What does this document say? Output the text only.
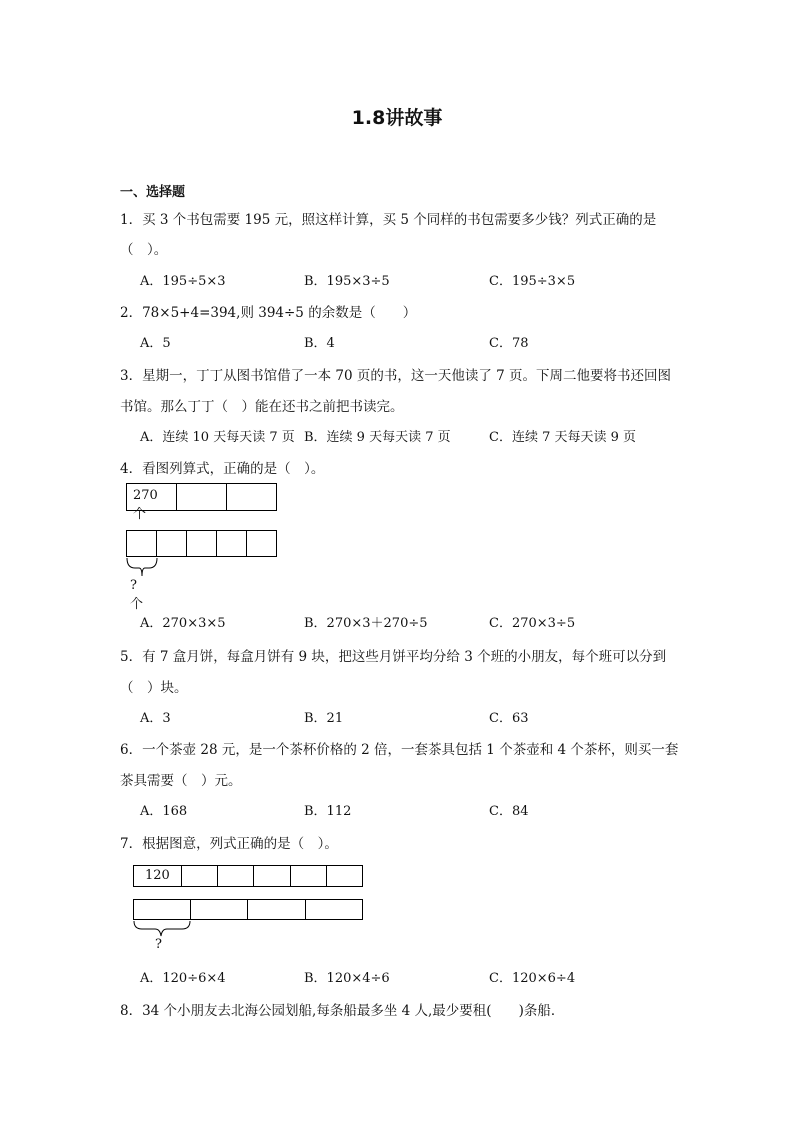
1.8讲故事
一、选择题
1．买 3 个书包需要 195 元，照这样计算，买 5 个同样的书包需要多少钱？列式正确的是
（　）。
A．195÷5×3	B．195×3÷5	C．195÷3×5
2．78×5+4=394,则 394÷5 的余数是（　　）
A．5	B．4	C．78
3．星期一，丁丁从图书馆借了一本 70 页的书，这一天他读了 7 页。下周二他要将书还回图
书馆。那么丁丁（　）能在还书之前把书读完。
A．连续 10 天每天读 7 页 B．连续 9 天每天读 7 页	C．连续 7 天每天读 9 页
4．看图列算式，正确的是（　）。
270个
?个
A．270×3×5	B．270×3＋270÷5	C．270×3÷5
5．有 7 盒月饼，每盒月饼有 9 块，把这些月饼平均分给 3 个班的小朋友，每个班可以分到
（　）块。
A．3	B．21	C．63
6．一个茶壶 28 元，是一个茶杯价格的 2 倍，一套茶具包括 1 个茶壶和 4 个茶杯，则买一套
茶具需要（　）元。
A．168	B．112	C．84
7．根据图意，列式正确的是（　）。
120
?
A．120÷6×4	B．120×4÷6	C．120×6÷4
8．34 个小朋友去北海公园划船,每条船最多坐 4 人,最少要租(　　)条船．
